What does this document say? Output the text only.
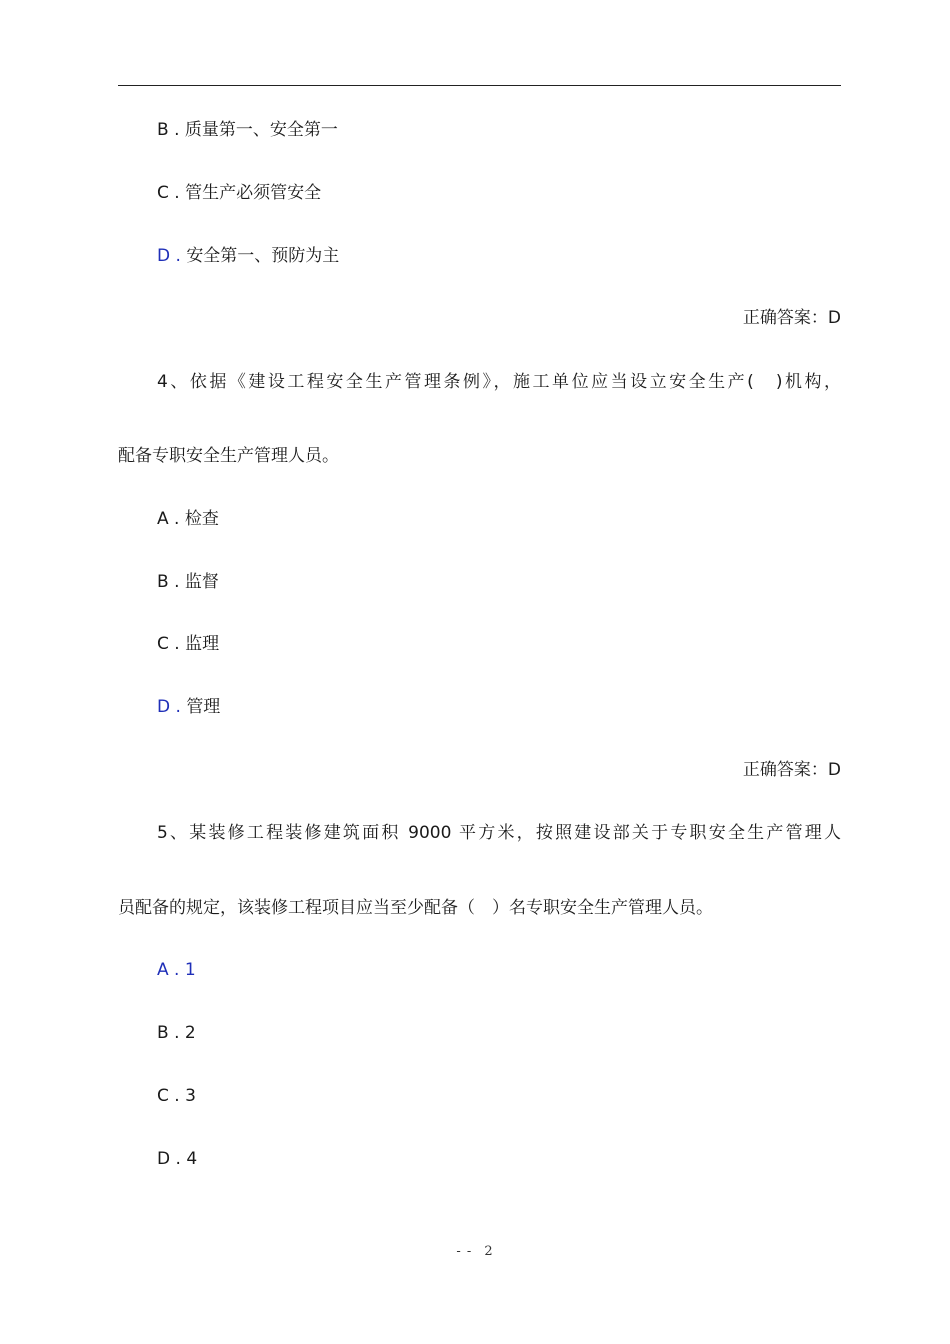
B . 质量第一、安全第一

C . 管生产必须管安全

D . 安全第一、预防为主

正确答案：D

4、依据《建设工程安全生产管理条例》，施工单位应当设立安全生产(　)机构，

配备专职安全生产管理人员。

A . 检查

B . 监督

C . 监理

D . 管理

正确答案：D

5、某装修工程装修建筑面积 9000 平方米，按照建设部关于专职安全生产管理人

员配备的规定，该装修工程项目应当至少配备（　）名专职安全生产管理人员。

A . 1

B . 2

C . 3

D . 4

- - 2
